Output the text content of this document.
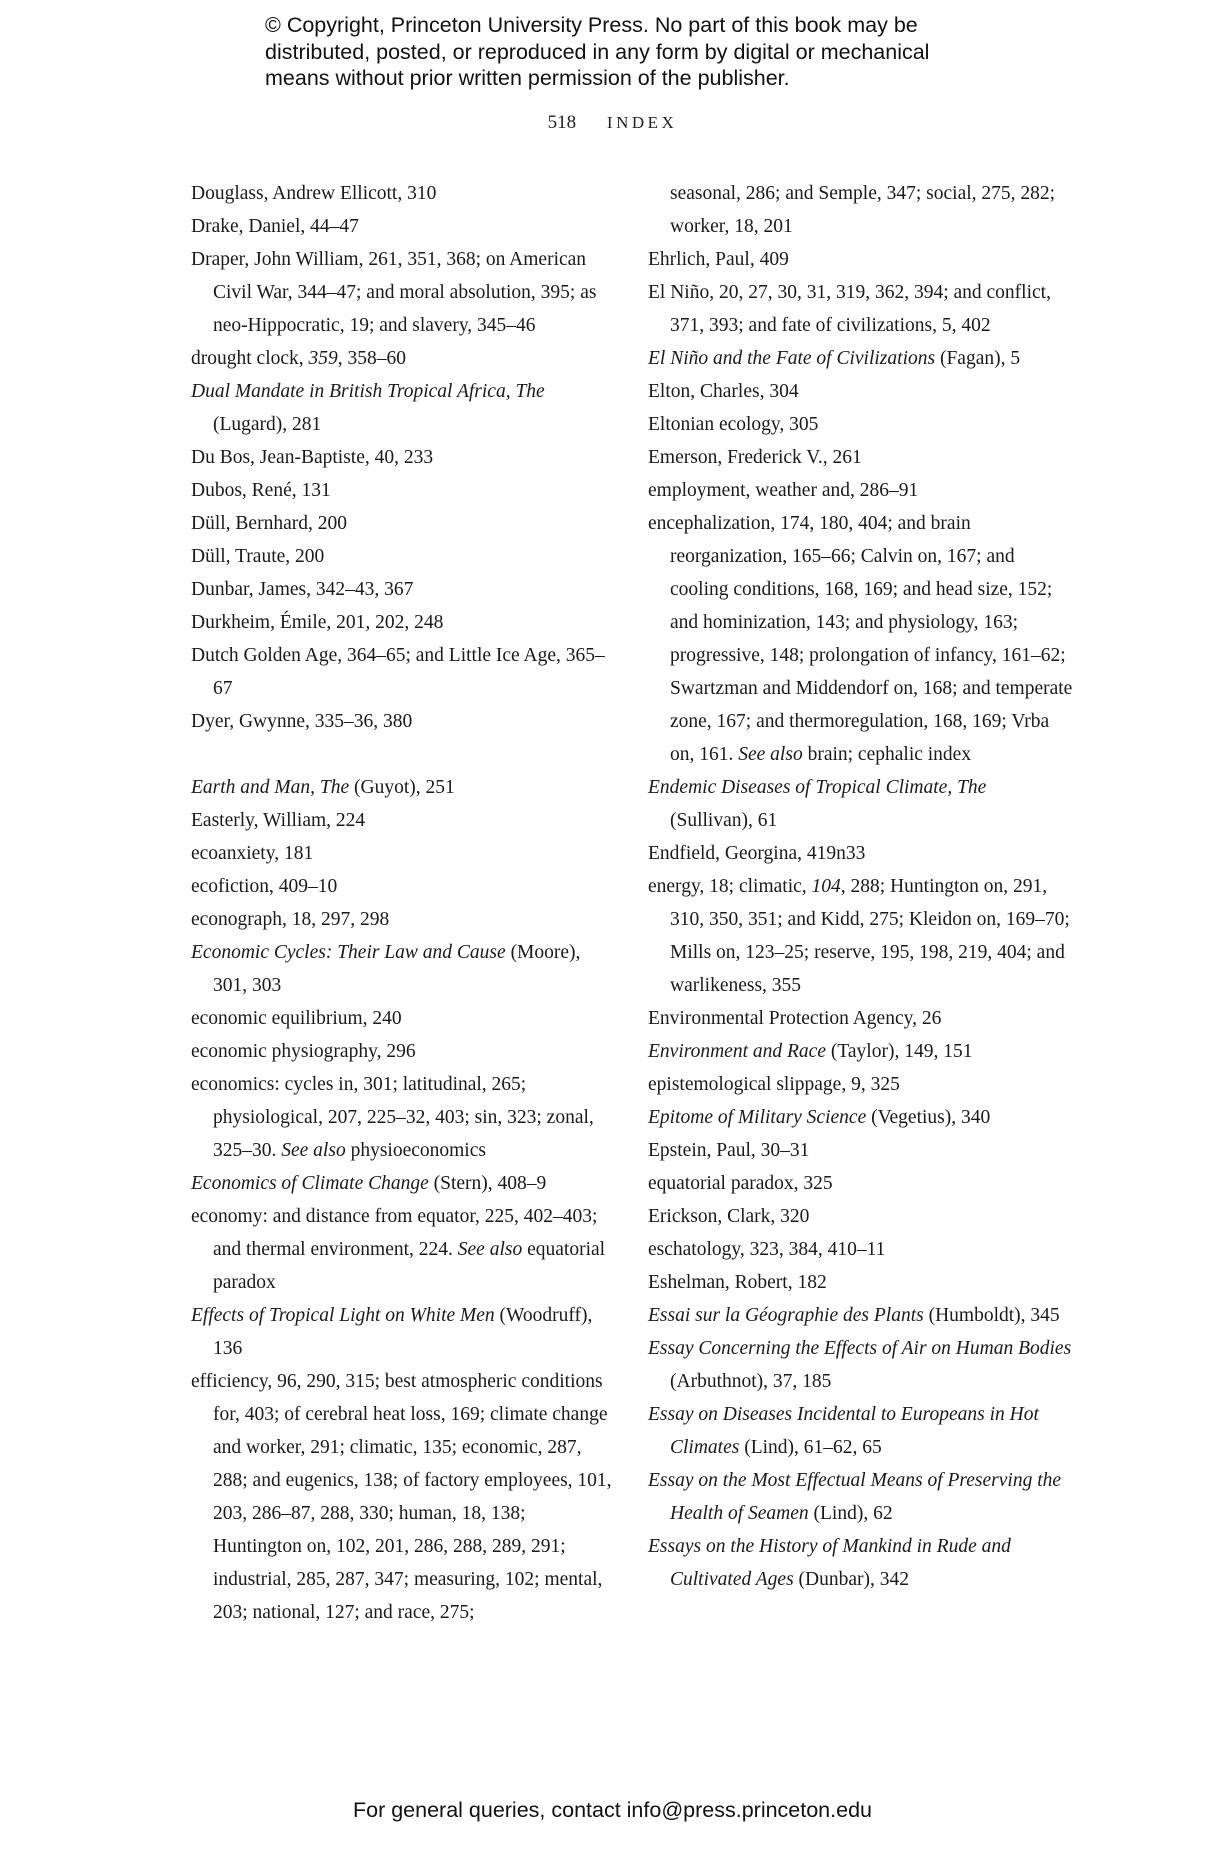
© Copyright, Princeton University Press. No part of this book may be distributed, posted, or reproduced in any form by digital or mechanical means without prior written permission of the publisher.
518 INDEX

Douglass, Andrew Ellicott, 310

Drake, Daniel, 44–47

Draper, John William, 261, 351, 368; on American Civil War, 344–47; and moral absolution, 395; as neo-Hippocratic, 19; and slavery, 345–46

drought clock, 359, 358–60

Dual Mandate in British Tropical Africa, The (Lugard), 281

Du Bos, Jean-Baptiste, 40, 233

Dubos, René, 131

Düll, Bernhard, 200

Düll, Traute, 200

Dunbar, James, 342–43, 367

Durkheim, Émile, 201, 202, 248

Dutch Golden Age, 364–65; and Little Ice Age, 365–67

Dyer, Gwynne, 335–36, 380

Earth and Man, The (Guyot), 251

Easterly, William, 224

ecoanxiety, 181

ecofiction, 409–10

econograph, 18, 297, 298

Economic Cycles: Their Law and Cause (Moore), 301, 303

economic equilibrium, 240

economic physiography, 296

economics: cycles in, 301; latitudinal, 265; physiological, 207, 225–32, 403; sin, 323; zonal, 325–30. See also physioeconomics

Economics of Climate Change (Stern), 408–9

economy: and distance from equator, 225, 402–403; and thermal environment, 224. See also equatorial paradox

Effects of Tropical Light on White Men (Woodruff), 136

efficiency, 96, 290, 315; best atmospheric conditions for, 403; of cerebral heat loss, 169; climate change and worker, 291; climatic, 135; economic, 287, 288; and eugenics, 138; of factory employees, 101, 203, 286–87, 288, 330; human, 18, 138; Huntington on, 102, 201, 286, 288, 289, 291; industrial, 285, 287, 347; measuring, 102; mental, 203; national, 127; and race, 275;

seasonal, 286; and Semple, 347; social, 275, 282; worker, 18, 201

Ehrlich, Paul, 409

El Niño, 20, 27, 30, 31, 319, 362, 394; and conflict, 371, 393; and fate of civilizations, 5, 402

El Niño and the Fate of Civilizations (Fagan), 5

Elton, Charles, 304

Eltonian ecology, 305

Emerson, Frederick V., 261

employment, weather and, 286–91

encephalization, 174, 180, 404; and brain reorganization, 165–66; Calvin on, 167; and cooling conditions, 168, 169; and head size, 152; and hominization, 143; and physiology, 163; progressive, 148; prolongation of infancy, 161–62; Swartzman and Middendorf on, 168; and temperate zone, 167; and thermoregulation, 168, 169; Vrba on, 161. See also brain; cephalic index

Endemic Diseases of Tropical Climate, The (Sullivan), 61

Endfield, Georgina, 419n33

energy, 18; climatic, 104, 288; Huntington on, 291, 310, 350, 351; and Kidd, 275; Kleidon on, 169–70; Mills on, 123–25; reserve, 195, 198, 219, 404; and warlikeness, 355

Environmental Protection Agency, 26

Environment and Race (Taylor), 149, 151

epistemological slippage, 9, 325

Epitome of Military Science (Vegetius), 340

Epstein, Paul, 30–31

equatorial paradox, 325

Erickson, Clark, 320

eschatology, 323, 384, 410–11

Eshelman, Robert, 182

Essai sur la Géographie des Plants (Humboldt), 345

Essay Concerning the Effects of Air on Human Bodies (Arbuthnot), 37, 185

Essay on Diseases Incidental to Europeans in Hot Climates (Lind), 61–62, 65

Essay on the Most Effectual Means of Preserving the Health of Seamen (Lind), 62

Essays on the History of Mankind in Rude and Cultivated Ages (Dunbar), 342

For general queries, contact info@press.princeton.edu
